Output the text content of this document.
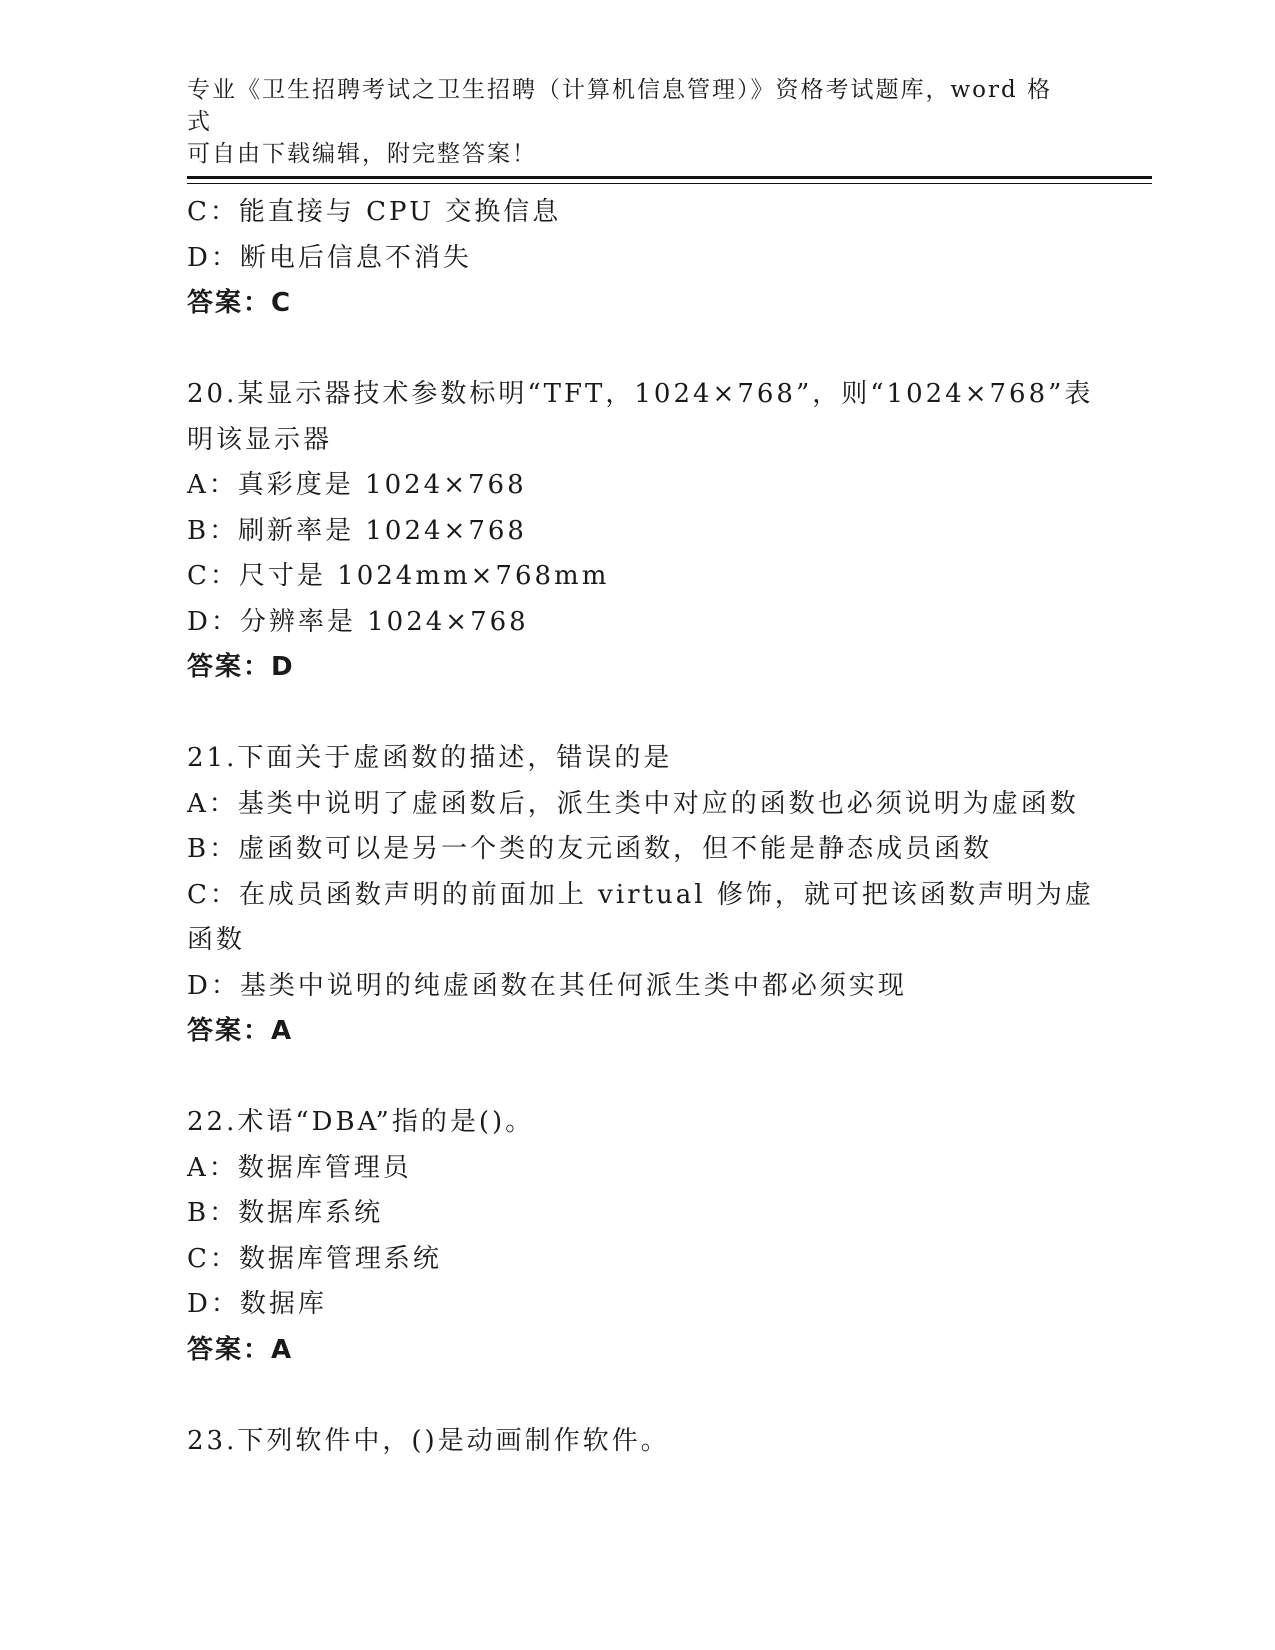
专业《卫生招聘考试之卫生招聘（计算机信息管理）》资格考试题库，word 格式
可自由下载编辑，附完整答案！
C：能直接与 CPU 交换信息
D：断电后信息不消失
答案：C
20.某显示器技术参数标明“TFT，1024×768”，则“1024×768”表
明该显示器
A：真彩度是 1024×768
B：刷新率是 1024×768
C：尺寸是 1024mm×768mm
D：分辨率是 1024×768
答案：D
21.下面关于虚函数的描述，错误的是
A：基类中说明了虚函数后，派生类中对应的函数也必须说明为虚函数
B：虚函数可以是另一个类的友元函数，但不能是静态成员函数
C：在成员函数声明的前面加上 virtual 修饰，就可把该函数声明为虚
函数
D：基类中说明的纯虚函数在其任何派生类中都必须实现
答案：A
22.术语“DBA”指的是()。
A：数据库管理员
B：数据库系统
C：数据库管理系统
D：数据库
答案：A
23.下列软件中，()是动画制作软件。
